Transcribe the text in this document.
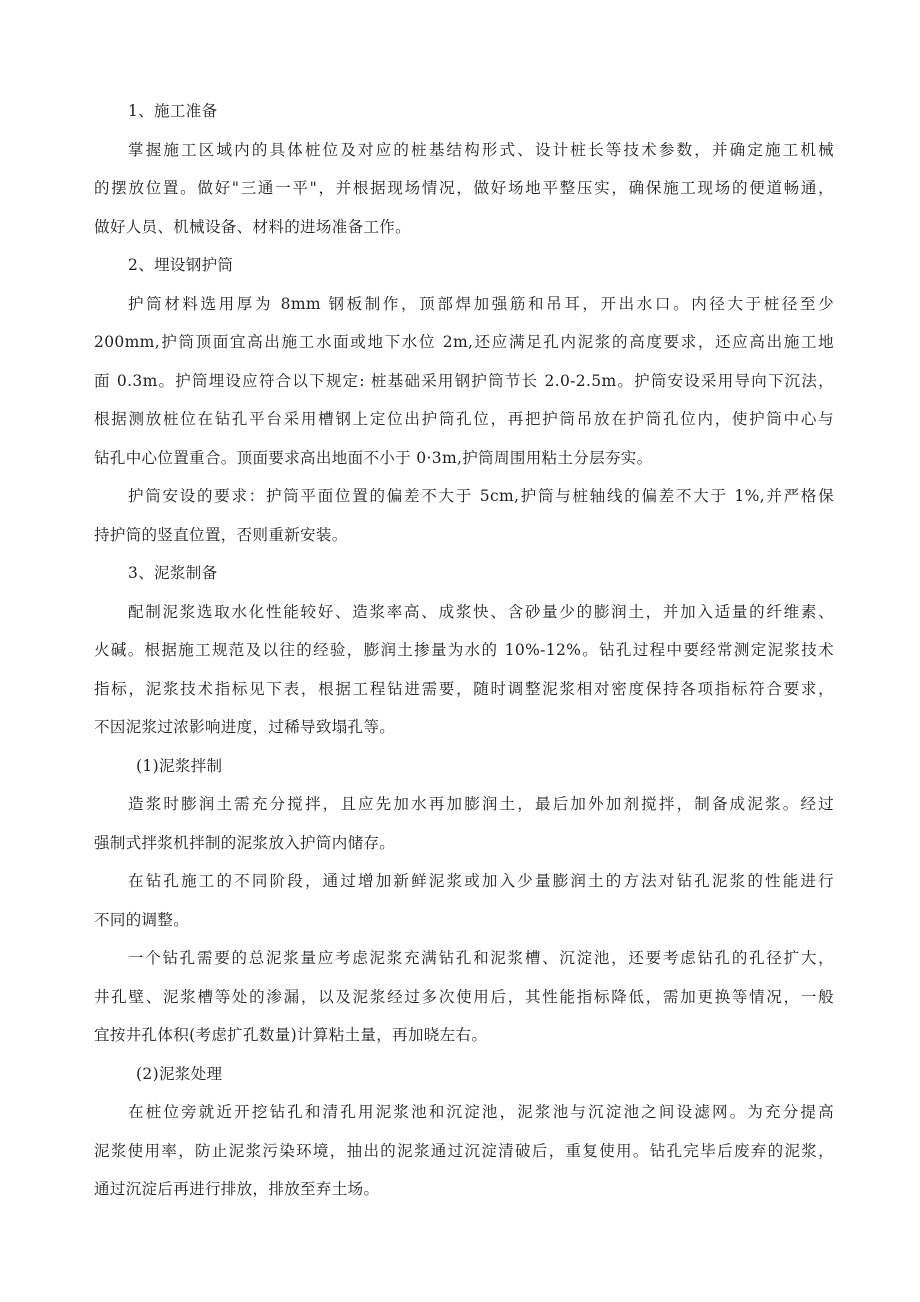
1、施工准备
掌握施工区域内的具体桩位及对应的桩基结构形式、设计桩长等技术参数，并确定施工机械
的摆放位置。做好"三通一平"，并根据现场情况，做好场地平整压实，确保施工现场的便道畅通，
做好人员、机械设备、材料的进场准备工作。
2、埋设钢护筒
护筒材料选用厚为 8mm 钢板制作，顶部焊加强筋和吊耳，开出水口。内径大于桩径至少
200mm,护筒顶面宜高出施工水面或地下水位 2m,还应满足孔内泥浆的高度要求，还应高出施工地
面 0.3m。护筒埋设应符合以下规定: 桩基础采用钢护筒节长 2.0-2.5m。护筒安设采用导向下沉法，
根据测放桩位在钻孔平台采用槽钢上定位出护筒孔位，再把护筒吊放在护筒孔位内，使护筒中心与
钻孔中心位置重合。顶面要求高出地面不小于 0·3m,护筒周围用粘土分层夯实。
护筒安设的要求：护筒平面位置的偏差不大于 5cm,护筒与桩轴线的偏差不大于 1%,并严格保
持护筒的竖直位置，否则重新安装。
3、泥浆制备
配制泥浆选取水化性能较好、造浆率高、成浆快、含砂量少的膨润土，并加入适量的纤维素、
火碱。根据施工规范及以往的经验，膨润土掺量为水的 10%-12%。钻孔过程中要经常测定泥浆技术
指标，泥浆技术指标见下表，根据工程钻进需要，随时调整泥浆相对密度保持各项指标符合要求，
不因泥浆过浓影响进度，过稀导致塌孔等。
(1)泥浆拌制
造浆时膨润土需充分搅拌，且应先加水再加膨润土，最后加外加剂搅拌，制备成泥浆。经过
强制式拌浆机拌制的泥浆放入护筒内储存。
在钻孔施工的不同阶段，通过增加新鲜泥浆或加入少量膨润土的方法对钻孔泥浆的性能进行
不同的调整。
一个钻孔需要的总泥浆量应考虑泥浆充满钻孔和泥浆槽、沉淀池，还要考虑钻孔的孔径扩大，
井孔壁、泥浆槽等处的渗漏，以及泥浆经过多次使用后，其性能指标降低，需加更换等情况，一般
宜按井孔体积(考虑扩孔数量)计算粘土量，再加晓左右。
(2)泥浆处理
在桩位旁就近开挖钻孔和清孔用泥浆池和沉淀池，泥浆池与沉淀池之间设滤网。为充分提高
泥浆使用率，防止泥浆污染环境，抽出的泥浆通过沉淀清破后，重复使用。钻孔完毕后废弃的泥浆，
通过沉淀后再进行排放，排放至弃土场。
